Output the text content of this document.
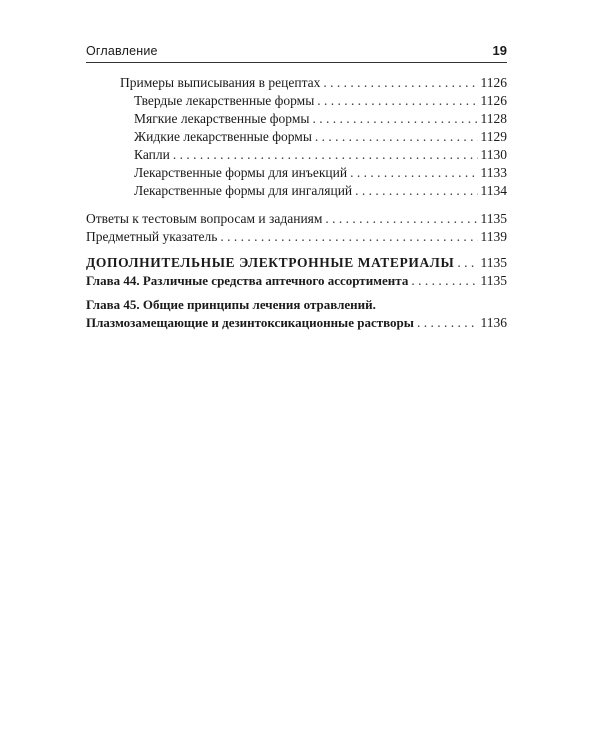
Оглавление	19
Примеры выписывания в рецептах . . .	1126
Твердые лекарственные формы . . .	1126
Мягкие лекарственные формы . . .	1128
Жидкие лекарственные формы . . .	1129
Капли . . .	1130
Лекарственные формы для инъекций . . .	1133
Лекарственные формы для ингаляций . . .	1134
Ответы к тестовым вопросам и заданиям . . .	1135
Предметный указатель . . .	1139
ДОПОЛНИТЕЛЬНЫЕ ЭЛЕКТРОННЫЕ МАТЕРИАЛЫ . . . 1135
Глава 44. Различные средства аптечного ассортимента . . .	1135
Глава 45. Общие принципы лечения отравлений.
Плазмозамещающие и дезинтоксикационные растворы . . .	1136
